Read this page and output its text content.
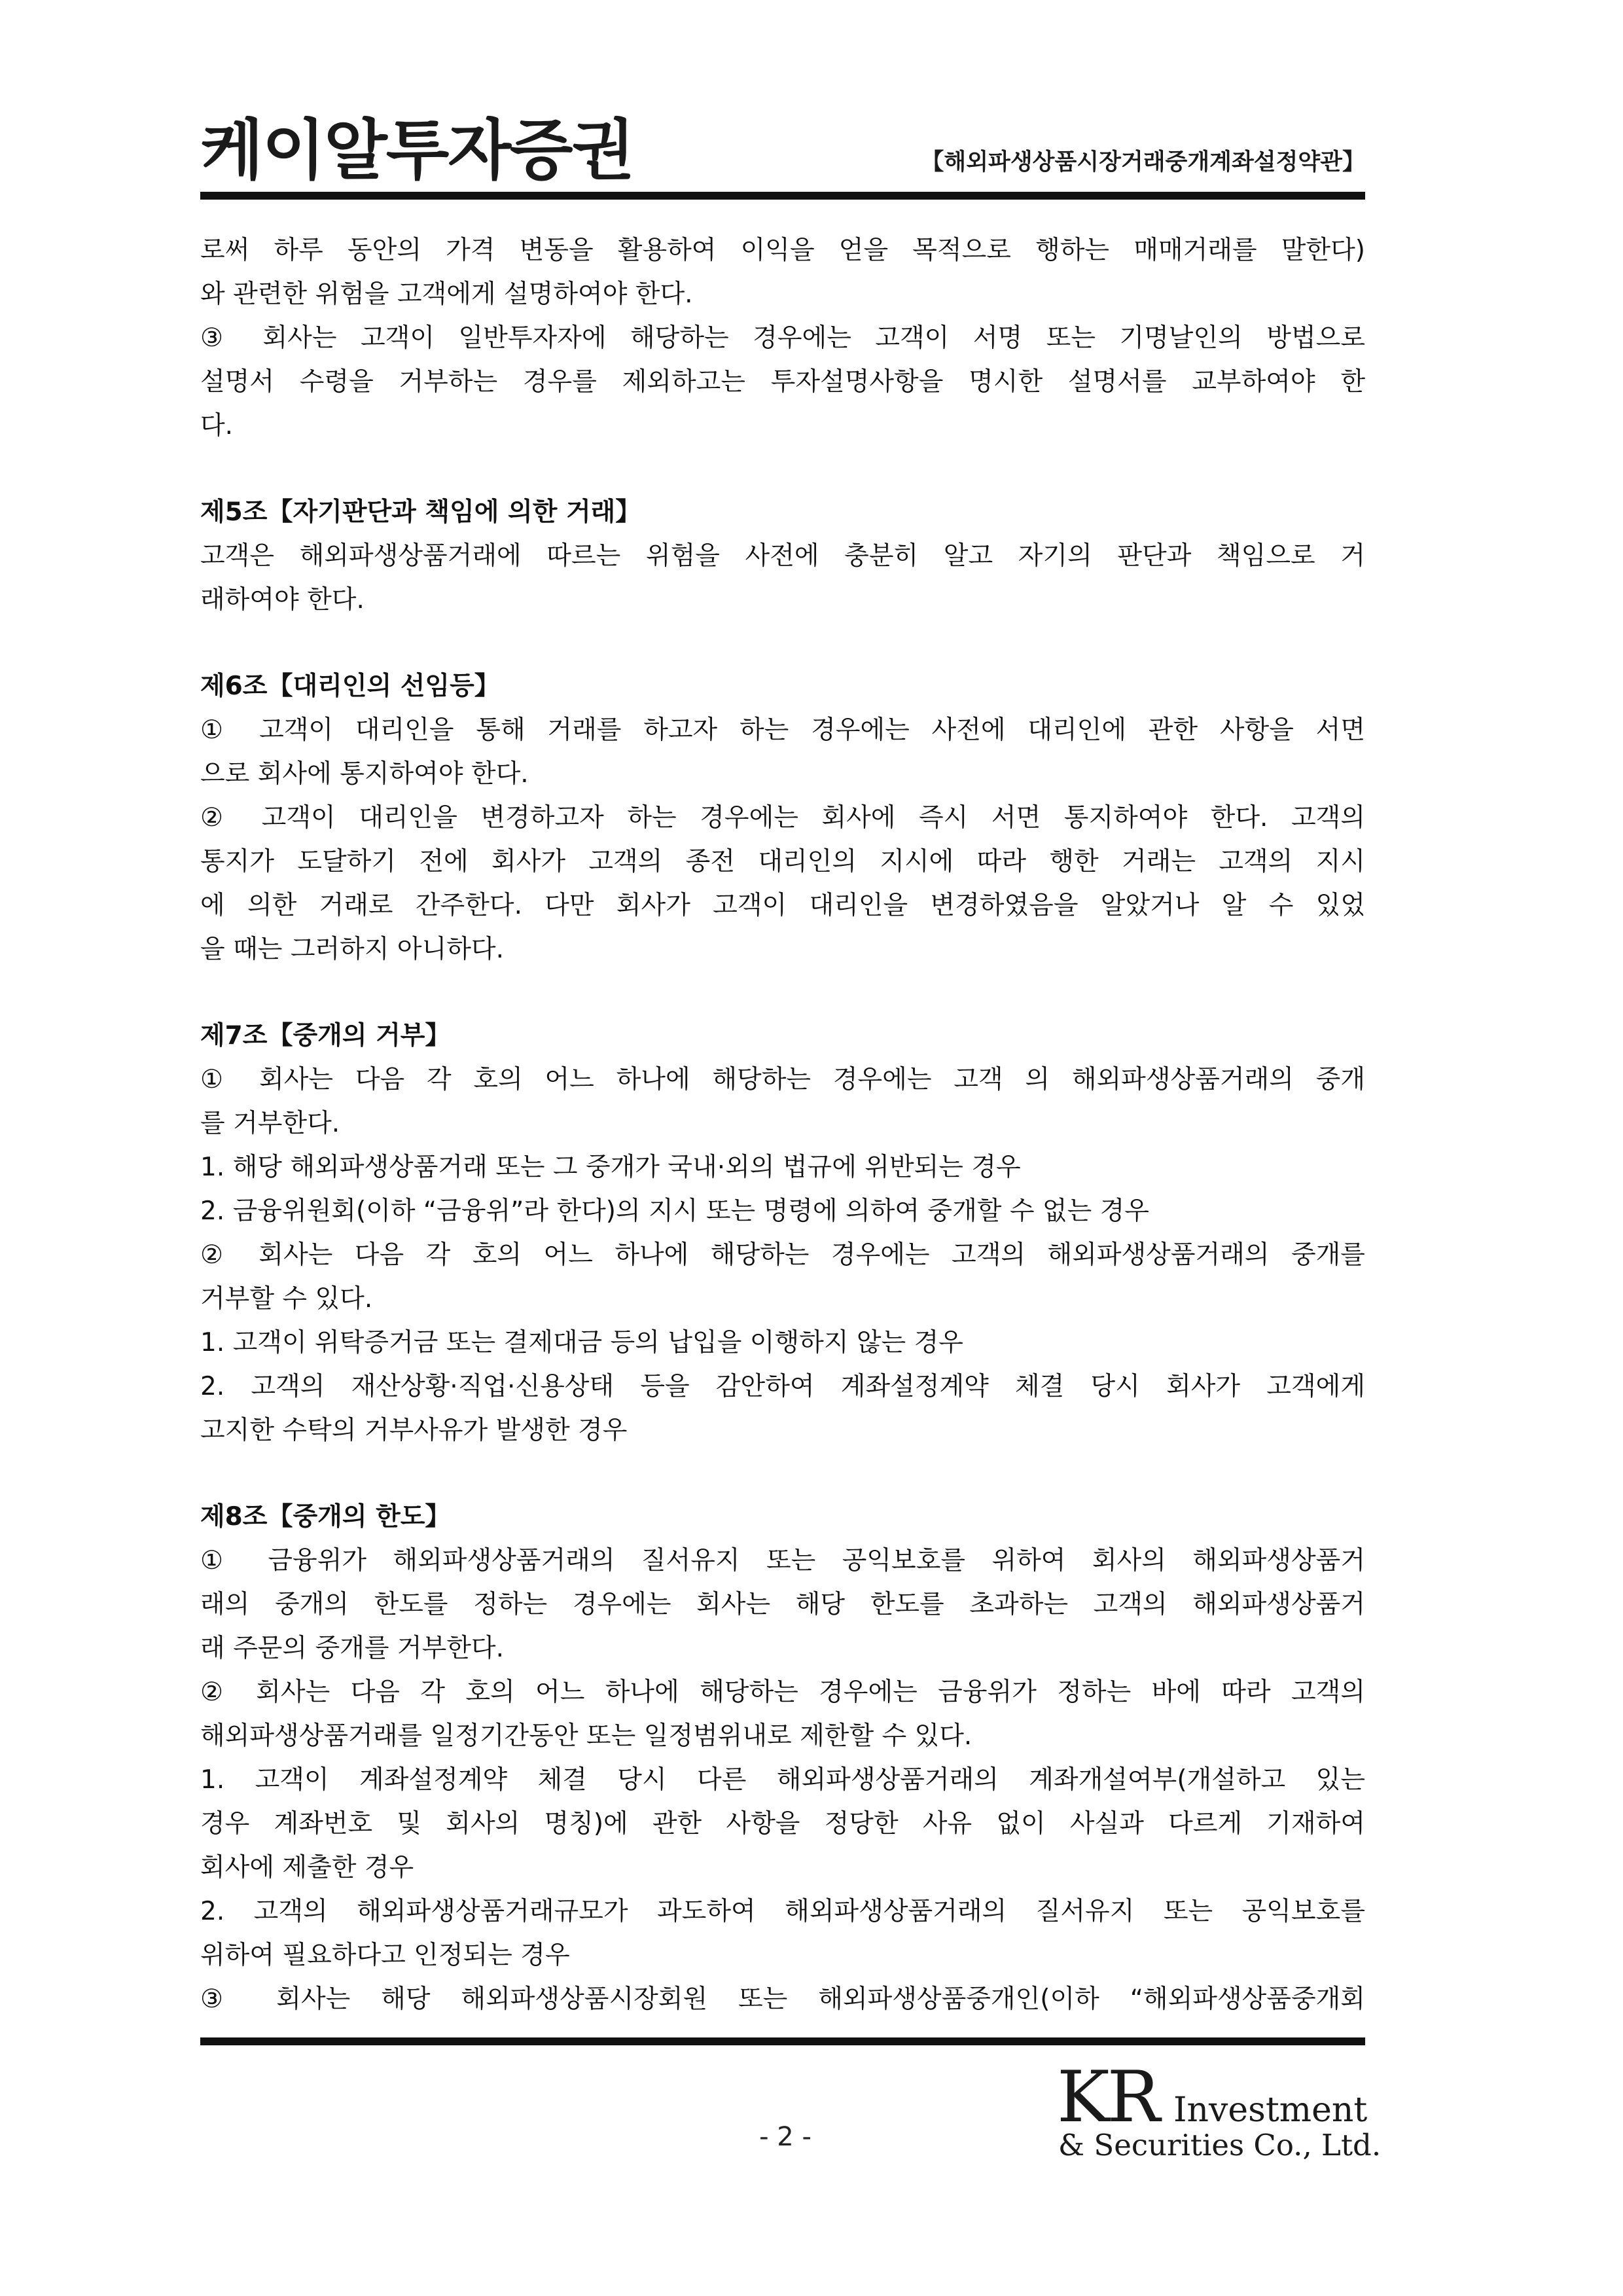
케이알투자증권	【해외파생상품시장거래중개계좌설정약관】
로써 하루 동안의 가격 변동을 활용하여 이익을 얻을 목적으로 행하는 매매거래를 말한다)
와 관련한 위험을 고객에게 설명하여야 한다.
③ 회사는 고객이 일반투자자에 해당하는 경우에는 고객이 서명 또는 기명날인의 방법으로
설명서 수령을 거부하는 경우를 제외하고는 투자설명사항을 명시한 설명서를 교부하여야 한
다.
제5조【자기판단과 책임에 의한 거래】
고객은 해외파생상품거래에 따르는 위험을 사전에 충분히 알고 자기의 판단과 책임으로 거
래하여야 한다.
제6조【대리인의 선임등】
① 고객이 대리인을 통해 거래를 하고자 하는 경우에는 사전에 대리인에 관한 사항을 서면
으로 회사에 통지하여야 한다.
② 고객이 대리인을 변경하고자 하는 경우에는 회사에 즉시 서면 통지하여야 한다. 고객의
통지가 도달하기 전에 회사가 고객의 종전 대리인의 지시에 따라 행한 거래는 고객의 지시
에 의한 거래로 간주한다. 다만 회사가 고객이 대리인을 변경하였음을 알았거나 알 수 있었
을 때는 그러하지 아니하다.
제7조【중개의 거부】
① 회사는 다음 각 호의 어느 하나에 해당하는 경우에는 고객 의 해외파생상품거래의 중개
를 거부한다.
1. 해당 해외파생상품거래 또는 그 중개가 국내·외의 법규에 위반되는 경우
2. 금융위원회(이하 “금융위”라 한다)의 지시 또는 명령에 의하여 중개할 수 없는 경우
② 회사는 다음 각 호의 어느 하나에 해당하는 경우에는 고객의 해외파생상품거래의 중개를
거부할 수 있다.
1. 고객이 위탁증거금 또는 결제대금 등의 납입을 이행하지 않는 경우
2. 고객의 재산상황·직업·신용상태 등을 감안하여 계좌설정계약 체결 당시 회사가 고객에게
고지한 수탁의 거부사유가 발생한 경우
제8조【중개의 한도】
① 금융위가 해외파생상품거래의 질서유지 또는 공익보호를 위하여 회사의 해외파생상품거
래의 중개의 한도를 정하는 경우에는 회사는 해당 한도를 초과하는 고객의 해외파생상품거
래 주문의 중개를 거부한다.
② 회사는 다음 각 호의 어느 하나에 해당하는 경우에는 금융위가 정하는 바에 따라 고객의
해외파생상품거래를 일정기간동안 또는 일정범위내로 제한할 수 있다.
1. 고객이 계좌설정계약 체결 당시 다른 해외파생상품거래의 계좌개설여부(개설하고 있는
경우 계좌번호 및 회사의 명칭)에 관한 사항을 정당한 사유 없이 사실과 다르게 기재하여
회사에 제출한 경우
2. 고객의 해외파생상품거래규모가 과도하여 해외파생상품거래의 질서유지 또는 공익보호를
위하여 필요하다고 인정되는 경우
③ 회사는 해당 해외파생상품시장회원 또는 해외파생상품중개인(이하 “해외파생상품중개회
- 2 -	KR Investment
& Securities Co., Ltd.
